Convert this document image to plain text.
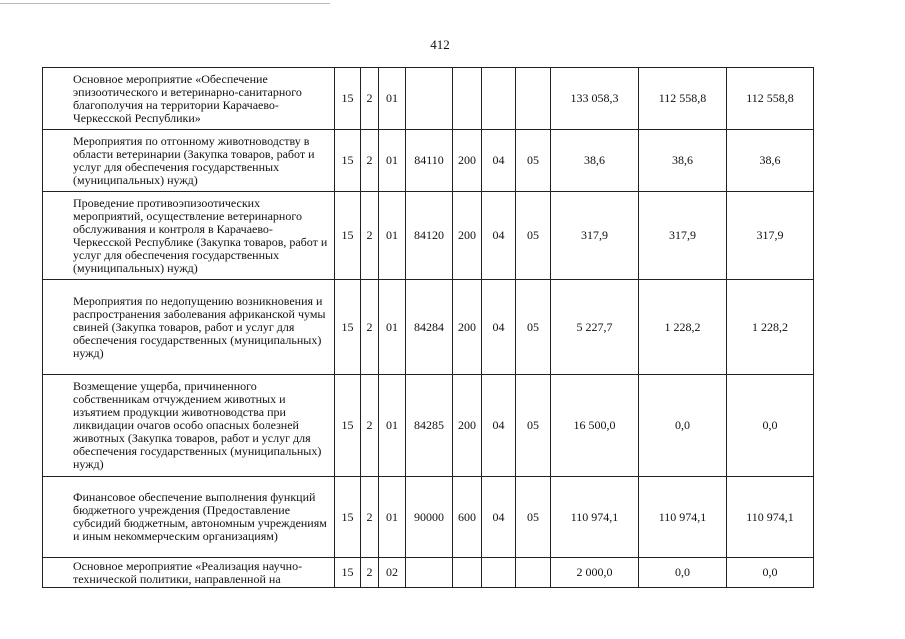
412
Основное мероприятие «Обеспечение эпизоотического и ветеринарно-санитарного благополучия на территории Карачаево-Черкесской Республики»	15	2	01					133 058,3	112 558,8	112 558,8
Мероприятия по отгонному животноводству в области ветеринарии (Закупка товаров, работ и услуг для обеспечения государственных (муниципальных) нужд)	15	2	01	84110	200	04	05	38,6	38,6	38,6
Проведение противоэпизоотических мероприятий, осуществление ветеринарного обслуживания и контроля в Карачаево-Черкесской Республике (Закупка товаров, работ и услуг для обеспечения государственных (муниципальных) нужд)	15	2	01	84120	200	04	05	317,9	317,9	317,9
Мероприятия по недопущению возникновения и распространения заболевания африканской чумы свиней (Закупка товаров, работ и услуг для обеспечения государственных (муниципальных) нужд)	15	2	01	84284	200	04	05	5 227,7	1 228,2	1 228,2
Возмещение ущерба, причиненного собственникам отчуждением животных и изъятием продукции животноводства при ликвидации очагов особо опасных болезней животных (Закупка товаров, работ и услуг для обеспечения государственных (муниципальных) нужд)	15	2	01	84285	200	04	05	16 500,0	0,0	0,0
Финансовое обеспечение выполнения функций бюджетного учреждения (Предоставление субсидий бюджетным, автономным учреждениям и иным некоммерческим организациям)	15	2	01	90000	600	04	05	110 974,1	110 974,1	110 974,1
Основное мероприятие «Реализация научно-технической политики, направленной на	15	2	02					2 000,0	0,0	0,0
